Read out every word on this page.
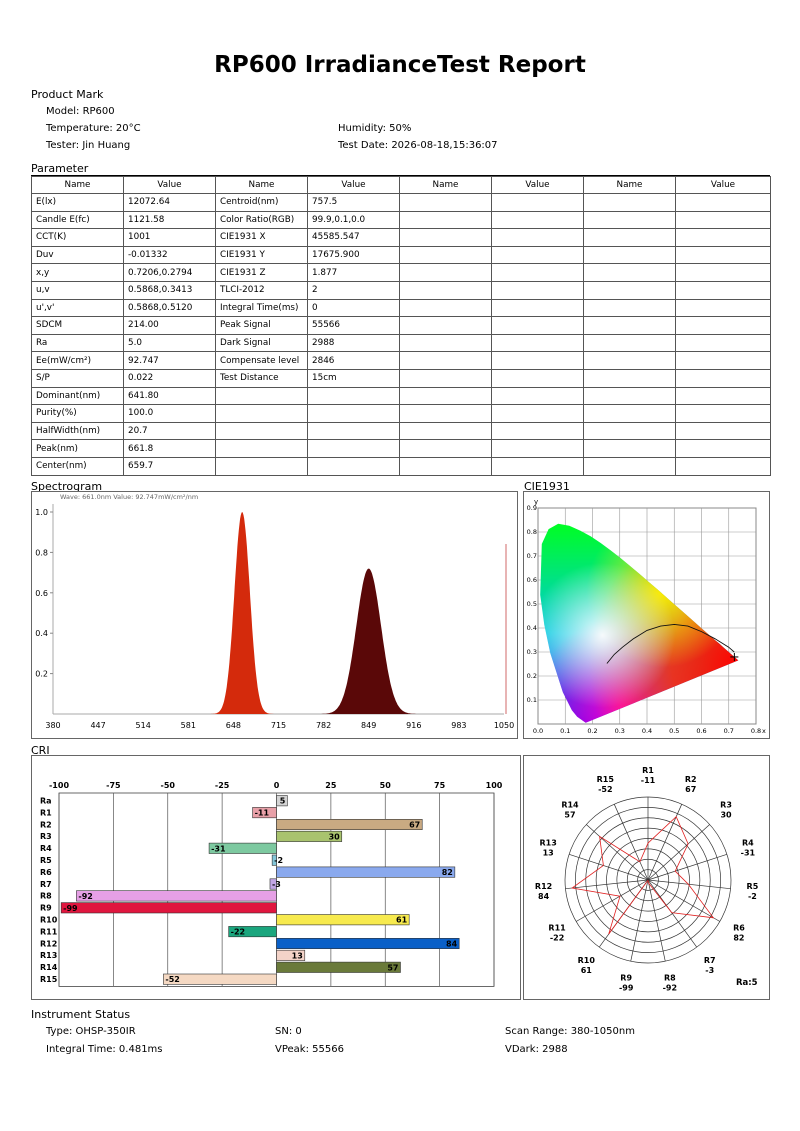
RP600 IrradianceTest Report
Product Mark
Model: RP600
Temperature: 20°C	Humidity: 50%
Tester: Jin Huang	Test Date: 2026-08-18,15:36:07
Parameter
Name	Value	Name	Value	Name	Value	Name	Value
E(lx)	12072.64	Centroid(nm)	757.5				
Candle E(fc)	1121.58	Color Ratio(RGB)	99.9,0.1,0.0				
CCT(K)	1001	CIE1931 X	45585.547				
Duv	-0.01332	CIE1931 Y	17675.900				
x,y	0.7206,0.2794	CIE1931 Z	1.877				
u,v	0.5868,0.3413	TLCI-2012	2				
u',v'	0.5868,0.5120	Integral Time(ms)	0				
SDCM	214.00	Peak Signal	55566				
Ra	5.0	Dark Signal	2988				
Ee(mW/cm²)	92.747	Compensate level	2846				
S/P	0.022	Test Distance	15cm				
Dominant(nm)	641.80						
Purity(%)	100.0						
HalfWidth(nm)	20.7						
Peak(nm)	661.8						
Center(nm)	659.7						
Spectrogram
Wave: 661.0nm Value: 92.747mW/cm²/nm
1.0
0.8
0.6
0.4
0.2
380	447	514	581	648	715	782	849	916	983	1050
CIE1931
0.0	0.1	0.2	0.3	0.4	0.5	0.6	0.7	0.8 x
0.1
0.2
0.3
0.4
0.5
0.6
0.7
0.8
0.9
y
CRI
-100	-75	-50	-25	0	25	50	75	100
Ra	5
R1	-11
R2	67
R3	30
R4	-31
R5	-2
R6	82
R7	-3
R8	-92
R9 -99
R10	61
R11	-22
R12	84
R13	13
R14	57
R15	-52	Ra:5
R1
-11	R2
67
R3
30
R4
-31
R5
-2
R6
82
R7
-3
R8
-92
R9
-99
R10
61
R11
-22
R12
84
R13
13
R14
57
R15
-52
Instrument Status
Type: OHSP-350IR	SN: 0	Scan Range: 380-1050nm
Integral Time: 0.481ms	VPeak: 55566	VDark: 2988
